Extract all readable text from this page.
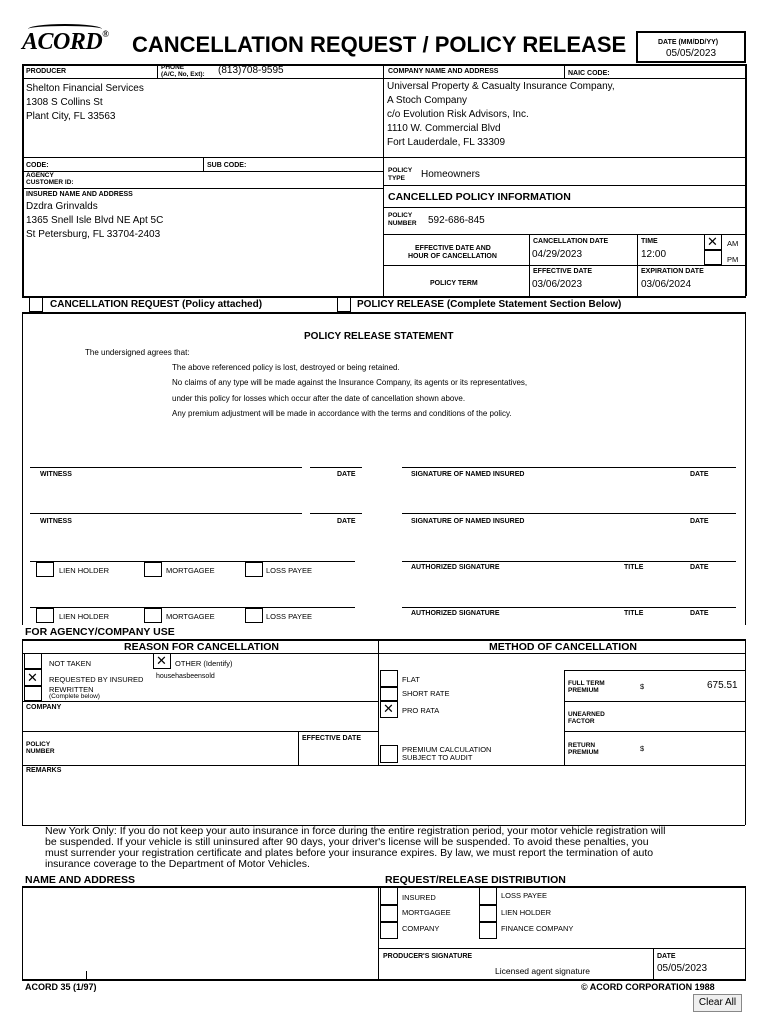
ACORD® CANCELLATION REQUEST / POLICY RELEASE	DATE (MM/DD/YY)
05/05/2023
PRODUCER
PHONE
(A/C, No, Ext): (813)708-9595
Shelton Financial Services
1308 S Collins St
Plant City, FL 33563
COMPANY NAME AND ADDRESS	NAIC CODE:
Universal Property & Casualty Insurance Company,
A Stoch Company
c/o Evolution Risk Advisors, Inc.
1110 W. Commercial Blvd
Fort Lauderdale, FL 33309
CODE:	SUB CODE:
AGENCY
CUSTOMER ID:
POLICY
TYPE Homeowners
INSURED NAME AND ADDRESS
Dzdra Grinvalds
1365 Snell Isle Blvd NE Apt 5C
St Petersburg, FL 33704-2403
CANCELLED POLICY INFORMATION
POLICY
NUMBER 592-686-845
EFFECTIVE DATE AND
HOUR OF CANCELLATION
CANCELLATION DATE
04/29/2023
TIME
12:00
✕ AM
PM
POLICY TERM
EFFECTIVE DATE
03/06/2023
EXPIRATION DATE
03/06/2024
CANCELLATION REQUEST (Policy attached)	POLICY RELEASE (Complete Statement Section Below)
POLICY RELEASE STATEMENT
The undersigned agrees that:
The above referenced policy is lost, destroyed or being retained.
No claims of any type will be made against the Insurance Company, its agents or its representatives,
under this policy for losses which occur after the date of cancellation shown above.
Any premium adjustment will be made in accordance with the terms and conditions of the policy.
WITNESS	DATE	SIGNATURE OF NAMED INSURED	DATE
WITNESS	DATE	SIGNATURE OF NAMED INSURED	DATE
LIEN HOLDER	MORTGAGEE	LOSS PAYEE	AUTHORIZED SIGNATURE	TITLE	DATE
LIEN HOLDER	MORTGAGEE	LOSS PAYEE	AUTHORIZED SIGNATURE	TITLE	DATE
FOR AGENCY/COMPANY USE
REASON FOR CANCELLATION	METHOD OF CANCELLATION
NOT TAKEN	✕ OTHER (Identify)
househasbeensold
✕ REQUESTED BY INSURED
REWRITTEN
(Complete below)
COMPANY
POLICY
NUMBER
EFFECTIVE DATE
FLAT
SHORT RATE
✕ PRO RATA
PREMIUM CALCULATION
SUBJECT TO AUDIT
FULL TERM
PREMIUM	$	675.51
UNEARNED
FACTOR
RETURN
PREMIUM	$
REMARKS
New York Only: If you do not keep your auto insurance in force during the entire registration period, your motor vehicle registration will
be suspended. If your vehicle is still uninsured after 90 days, your driver's license will be suspended. To avoid these penalties, you
must surrender your registration certificate and plates before your insurance expires. By law, we must report the termination of auto
insurance coverage to the Department of Motor Vehicles.
NAME AND ADDRESS	REQUEST/RELEASE DISTRIBUTION
INSURED
MORTGAGEE
COMPANY
LOSS PAYEE
LIEN HOLDER
FINANCE COMPANY
PRODUCER'S SIGNATURE
Licensed agent signature
DATE
05/05/2023
ACORD 35 (1/97)	© ACORD CORPORATION 1988
Clear All
